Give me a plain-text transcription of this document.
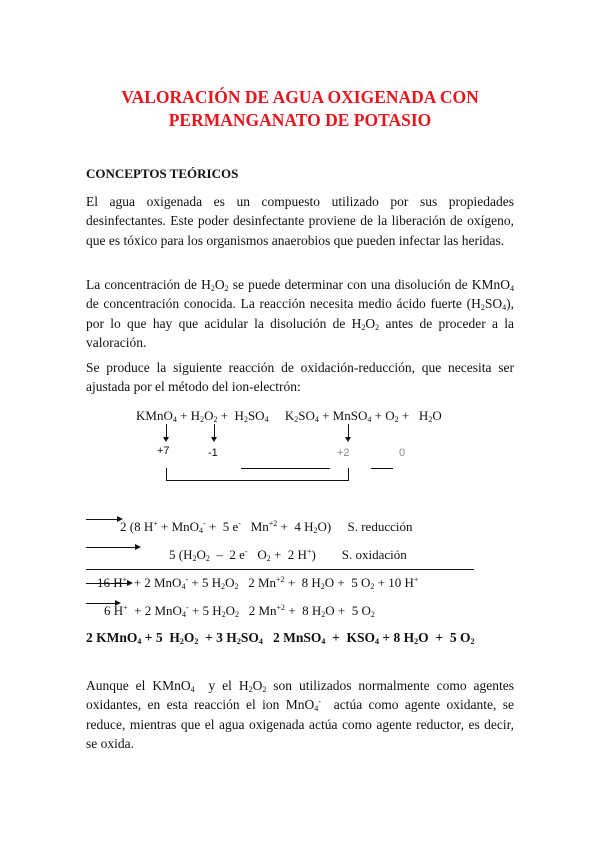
VALORACIÓN DE AGUA OXIGENADA CON
PERMANGANATO DE POTASIO
CONCEPTOS TEÓRICOS

El agua oxigenada es un compuesto utilizado por sus propiedades desinfectantes. Este poder desinfectante proviene de la liberación de oxígeno, que es tóxico para los organismos anaerobios que pueden infectar las heridas.

La concentración de $H_2O_2$ se puede determinar con una disolución de KMnO$_4$ de concentración conocida. La reacción necesita medio ácido fuerte $(H_2SO_4)$, por lo que hay que acidular la disolución de $H_2O_2$ antes de proceder a la valoración.

Se produce la siguiente reacción de oxidación-reducción, que necesita ser ajustada por el método del ion-electrón:

KMnO$_4$ + $H_2O_2 + H_2SO_4$     $K_2SO_4$ + MnSO$_4$ + $O_2 + H_2O$
+7	-1	+2	0
2 (8 H+ + MnO$_4$- +  5 e-   $Mn^{+2} + 4$ $H_2O$)     S. reducción
5 ($H_2O_2 - 2$ e-   $O_2 + 2$ H+)        S. oxidación
16 H+  + 2 MnO$_4$- + 5 $H_2O_2$   2 $Mn^{+2} + 8$ $H_2O + 5$ $O_2 + 10$ H+
6 H+  + 2 MnO$_4$- + 5 $H_2O_2$   2 $Mn^{+2} + 8$ $H_2O + 5$ $O_2$
2 KMnO$_4$ + 5  $H_2O_2 + 3$ $H_2SO_4$   2 MnSO$_4$  +  $KSO_4 + 8$ $H_2O + 5$ $O_2$

Aunque el KMnO$_4$  y el $H_2O_2$ son utilizados normalmente como agentes oxidantes, en esta reacción el ion MnO$_4$- actúa como agente oxidante, se reduce, mientras que el agua oxigenada actúa como agente reductor, es decir, se oxida.
